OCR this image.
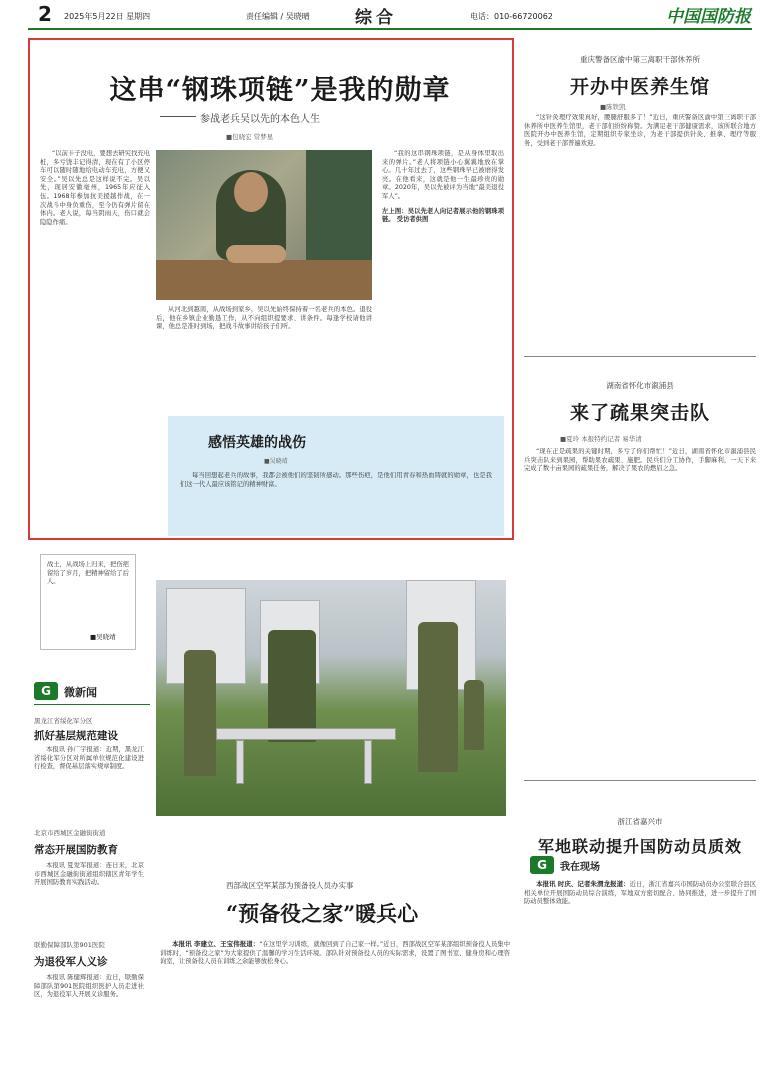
2 2025年5月22日 星期四	责任编辑 / 吴晓晴	综合	电话：010-66720062	中国国防报
这串“钢珠项链”是我的勋章
参战老兵吴以先的本色人生
■包晓宏 常梦星

“以前卡子没电，要想去研究找充电桩，多亏饶丰记得清，现在有了小区停车可以随时随地给电动车充电，方便又安全。”吴以先总是这样说不完。吴以先，现居安徽亳州，1965年应征入伍。1968年参加抗美援越作战，在一次战斗中身负重伤，至今仍有弹片留在体内。老人说，每当阴雨天，伤口就会隐隐作痛。

“我的这串钢珠项链，是从身体里取出来的弹片。”老人将项链小心翼翼地放在掌心。几十年过去了，这些钢珠早已被磨得发亮。在他看来，这就是他一生最珍贵的勋章。2020年，吴以先被评为当地“最美退役军人”。

左上图：吴以先老人向记者展示他的钢珠项链。 受访者供图

从河北到越南，从战场到家乡，吴以先始终保持着一名老兵的本色。退役后，他在乡镇企业勤恳工作，从不向组织提要求、讲条件。每逢学校请他讲课，他总是准时到场，把战斗故事讲给孩子们听。

感悟英雄的战伤
■吴晓靖

每当回想起老兵的故事，我都会被他们的坚韧所感动。那些伤疤，是他们用青春和热血铸就的勋章，也是我们这一代人最应该铭记的精神财富。

战士，从战场上归来，把伤疤留给了岁月，把精神留给了后人。

■吴晓靖
G	微新闻
黑龙江省绥化军分区
抓好基层规范建设

本报讯 孙广宇报道：近期，黑龙江省绥化军分区对所属单位规范化建设进行检查，督促基层落实规章制度。

北京市西城区金融街街道
常态开展国防教育

本报讯 夏爱军报道：连日来，北京市西城区金融街街道组织辖区青年学生开展国防教育实践活动。

联勤保障部队第901医院
为退役军人义诊

本报讯 陈健辉报道：近日，联勤保障部队第901医院组织医护人员走进社区，为退役军人开展义诊服务。

西部战区空军某部为预备役人员办实事
“预备役之家”暖兵心

本报讯 李建立、王宝伟报道：“在这里学习训练，就像回到了自己家一样。”近日，西部战区空军某部组织预备役人员集中训练时，“预备役之家”为大家提供了温馨的学习生活环境。部队针对预备役人员的实际需求，设置了图书室、健身房和心理咨询室，让预备役人员在训练之余能够放松身心。

重庆警备区渝中第三离职干部休养所
开办中医养生馆
■陈铁凯

“这针灸理疗效果真好，腰腿舒服多了！”近日，重庆警备区渝中第三离职干部休养所中医养生馆里，老干部们纷纷称赞。为满足老干部健康需求，该所联合地方医院开办中医养生馆，定期组织专家坐诊，为老干部提供针灸、推拿、理疗等服务，受到老干部普遍欢迎。

湖南省怀化市溆浦县
来了疏果突击队
■夏玲 本报特约记者 易华清

“现在正是疏果的关键时期，多亏了你们帮忙！”近日，湖南省怀化市溆浦县民兵突击队来到果园，帮助果农疏果、施肥。民兵们分工协作，手脚麻利，一天下来完成了数十亩果园的疏果任务，解决了果农的燃眉之急。

浙江省嘉兴市
军地联动提升国防动员质效
G	我在现场

本报讯 时庆、记者朱渭龙报道：近日，浙江省嘉兴市国防动员办公室联合县区相关单位开展国防动员综合演练，军地双方密切配合、协同推进，进一步提升了国防动员整体效能。
